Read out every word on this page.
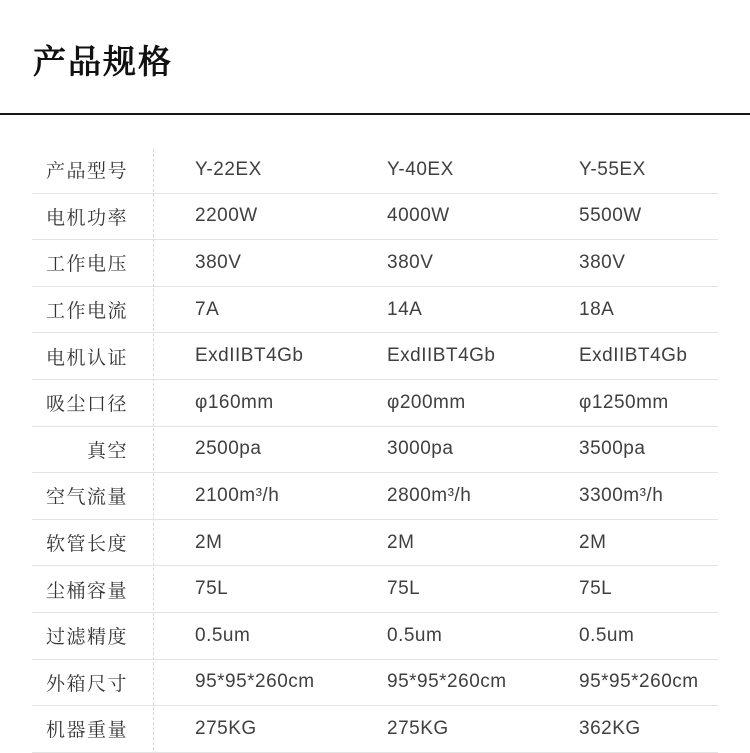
产品规格
产品型号	Y-22EX	Y-40EX	Y-55EX
电机功率	2200W	4000W	5500W
工作电压	380V	380V	380V
工作电流	7A	14A	18A
电机认证	ExdIIBT4Gb	ExdIIBT4Gb	ExdIIBT4Gb
吸尘口径	φ160mm	φ200mm	φ1250mm
真空	2500pa	3000pa	3500pa
空气流量	2100m³/h	2800m³/h	3300m³/h
软管长度	2M	2M	2M
尘桶容量	75L	75L	75L
过滤精度	0.5um	0.5um	0.5um
外箱尺寸	95*95*260cm	95*95*260cm	95*95*260cm
机器重量	275KG	275KG	362KG
